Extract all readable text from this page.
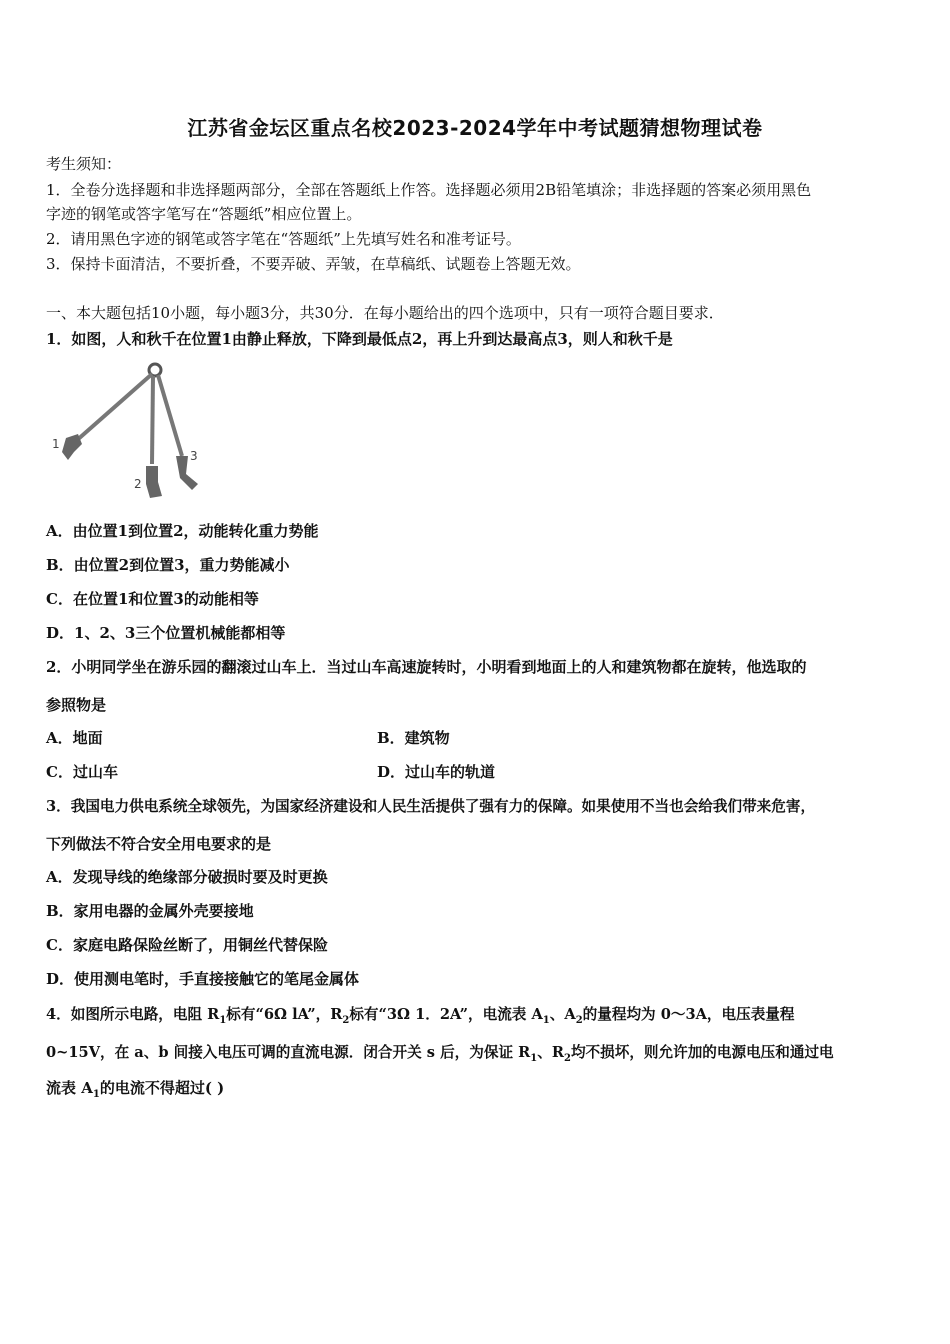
江苏省金坛区重点名校2023-2024学年中考试题猜想物理试卷
考生须知：
1．全卷分选择题和非选择题两部分，全部在答题纸上作答。选择题必须用2B铅笔填涂；非选择题的答案必须用黑色
字迹的钢笔或答字笔写在“答题纸”相应位置上。
2．请用黑色字迹的钢笔或答字笔在“答题纸”上先填写姓名和准考证号。
3．保持卡面清洁，不要折叠，不要弄破、弄皱，在草稿纸、试题卷上答题无效。
一、本大题包括10小题，每小题3分，共30分．在每小题给出的四个选项中，只有一项符合题目要求．
1．如图，人和秋千在位置1由静止释放，下降到最低点2，再上升到达最高点3，则人和秋千是
1
2
3
A．由位置1到位置2，动能转化重力势能
B．由位置2到位置3，重力势能减小
C．在位置1和位置3的动能相等
D．1、2、3三个位置机械能都相等
2．小明同学坐在游乐园的翻滚过山车上．当过山车高速旋转时，小明看到地面上的人和建筑物都在旋转，他选取的
参照物是
A．地面	B．建筑物
C．过山车	D．过山车的轨道
3．我国电力供电系统全球领先，为国家经济建设和人民生活提供了强有力的保障。如果使用不当也会给我们带来危害，
下列做法不符合安全用电要求的是
A．发现导线的绝缘部分破损时要及时更换
B．家用电器的金属外壳要接地
C．家庭电路保险丝断了，用铜丝代替保险
D．使用测电笔时，手直接接触它的笔尾金属体
4．如图所示电路，电阻 $R_1$标有“6Ω lA”，$R_2$标有“3Ω 1．2A”，电流表 $A_1$、$A_2$的量程均为 0～3A，电压表量程
0~15V，在 a、b 间接入电压可调的直流电源．闭合开关 s 后，为保证 $R_1$、$R_2$均不损坏，则允许加的电源电压和通过电
流表 $A_1$的电流不得超过( )
